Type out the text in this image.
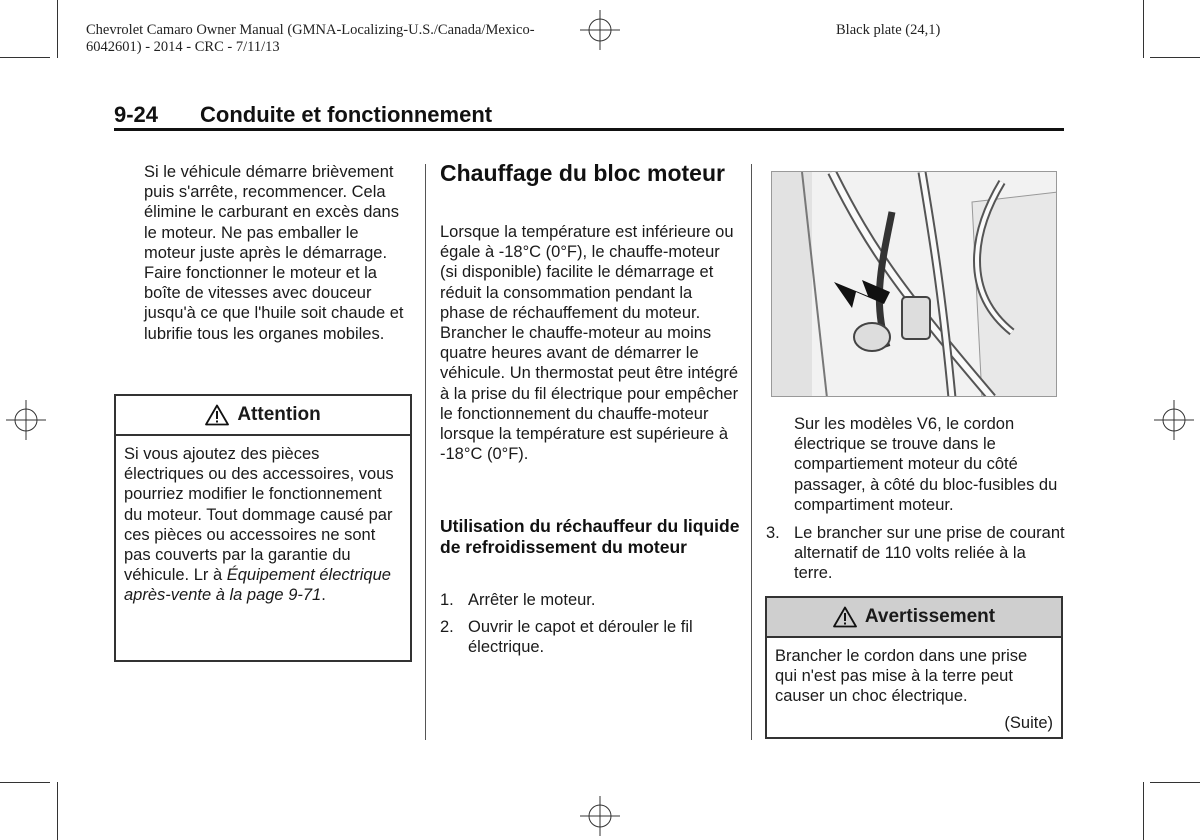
Chevrolet Camaro Owner Manual (GMNA-Localizing-U.S./Canada/Mexico-
6042601) - 2014 - CRC - 7/11/13
Black plate (24,1)
9-24 Conduite et fonctionnement
Si le véhicule démarre brièvement puis s'arrête, recommencer. Cela élimine le carburant en excès dans le moteur. Ne pas emballer le moteur juste après le démarrage. Faire fonctionner le moteur et la boîte de vitesses avec douceur jusqu'à ce que l'huile soit chaude et lubrifie tous les organes mobiles.
Attention
Si vous ajoutez des pièces électriques ou des accessoires, vous pourriez modifier le fonctionnement du moteur. Tout dommage causé par ces pièces ou accessoires ne sont pas couverts par la garantie du véhicule. Lr à Équipement électrique après-vente à la page 9-71.
Chauffage du bloc moteur
Lorsque la température est inférieure ou égale à -18°C (0°F), le chauffe-moteur (si disponible) facilite le démarrage et réduit la consommation pendant la phase de réchauffement du moteur. Brancher le chauffe-moteur au moins quatre heures avant de démarrer le véhicule. Un thermostat peut être intégré à la prise du fil électrique pour empêcher le fonctionnement du chauffe-moteur lorsque la température est supérieure à -18°C (0°F).
Utilisation du réchauffeur du liquide de refroidissement du moteur
1. Arrêter le moteur.
2. Ouvrir le capot et dérouler le fil électrique.
Sur les modèles V6, le cordon électrique se trouve dans le compartiement moteur du côté passager, à côté du bloc-fusibles du compartiment moteur.
3. Le brancher sur une prise de courant alternatif de 110 volts reliée à la terre.
Avertissement
Brancher le cordon dans une prise qui n'est pas mise à la terre peut causer un choc électrique.
(Suite)
